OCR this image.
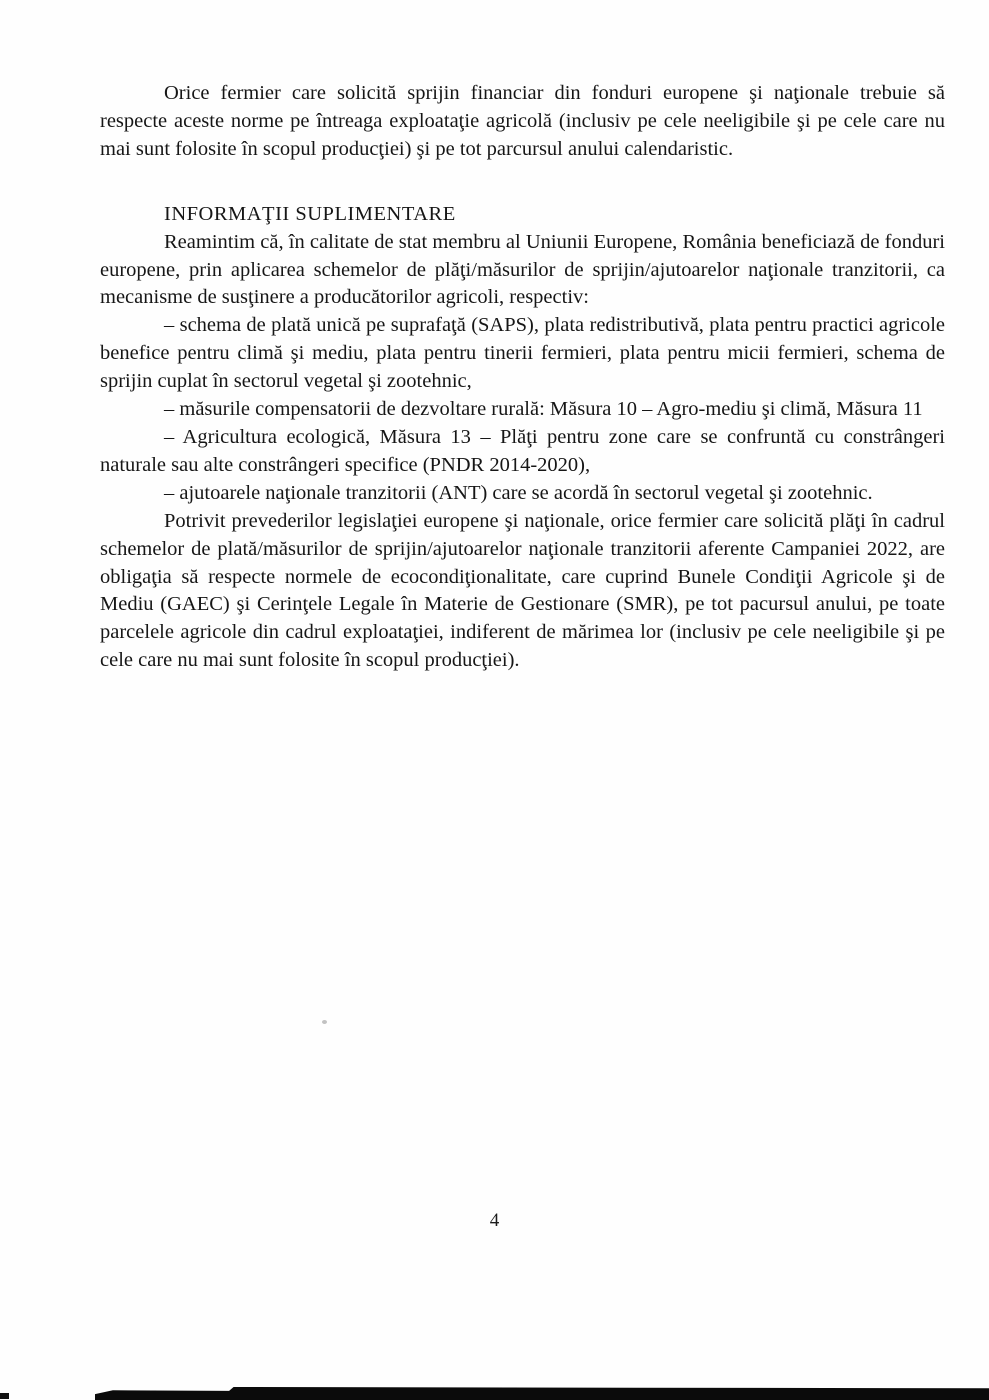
Orice fermier care solicită sprijin financiar din fonduri europene şi naţionale trebuie să respecte aceste norme pe întreaga exploataţie agricolă (inclusiv pe cele neeligibile şi pe cele care nu mai sunt folosite în scopul producţiei) şi pe tot parcursul anului calendaristic.

INFORMAŢII SUPLIMENTARE

Reamintim că, în calitate de stat membru al Uniunii Europene, România beneficiază de fonduri europene, prin aplicarea schemelor de plăţi/măsurilor de sprijin/ajutoarelor naţionale tranzitorii, ca mecanisme de susţinere a producătorilor agricoli, respectiv:

– schema de plată unică pe suprafaţă (SAPS), plata redistributivă, plata pentru practici agricole benefice pentru climă şi mediu, plata pentru tinerii fermieri, plata pentru micii fermieri, schema de sprijin cuplat în sectorul vegetal şi zootehnic,

– măsurile compensatorii de dezvoltare rurală: Măsura 10 – Agro-mediu şi climă, Măsura 11

– Agricultura ecologică, Măsura 13 – Plăţi pentru zone care se confruntă cu constrângeri naturale sau alte constrângeri specifice (PNDR 2014-2020),

– ajutoarele naţionale tranzitorii (ANT) care se acordă în sectorul vegetal şi zootehnic.

Potrivit prevederilor legislaţiei europene şi naţionale, orice fermier care solicită plăţi în cadrul schemelor de plată/măsurilor de sprijin/ajutoarelor naţionale tranzitorii aferente Campaniei 2022, are obligaţia să respecte normele de ecocondiţionalitate, care cuprind Bunele Condiţii Agricole şi de Mediu (GAEC) şi Cerinţele Legale în Materie de Gestionare (SMR), pe tot pacursul anului, pe toate parcelele agricole din cadrul exploataţiei, indiferent de mărimea lor (inclusiv pe cele neeligibile şi pe cele care nu mai sunt folosite în scopul producţiei).

4
